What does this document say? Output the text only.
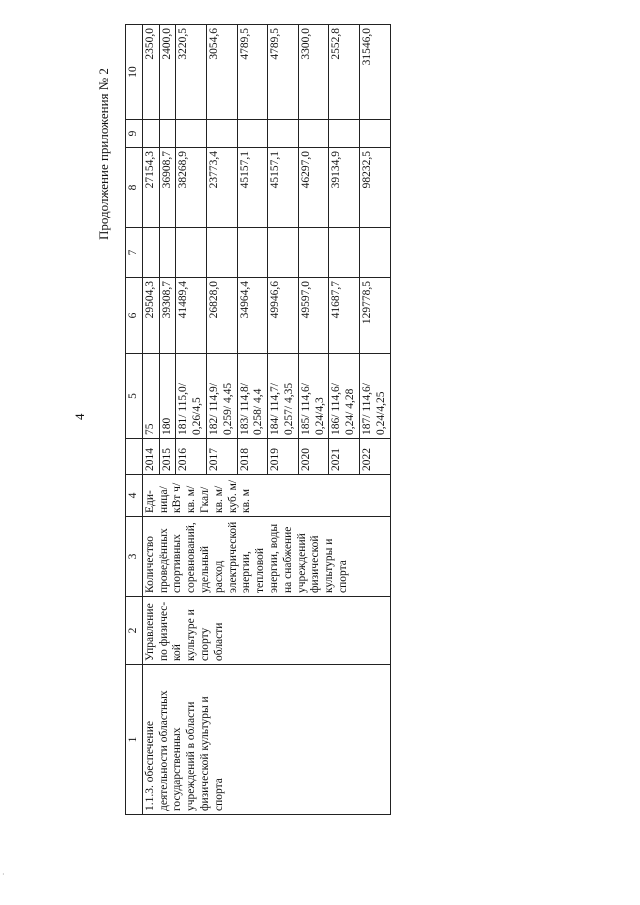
4
Продолжение приложения № 2
1	2	3	4		5	6	7	8	9	10
1.1.3. обеспечение деятельности областных государственных учреждений в области физической культуры и спорта	Управление по физичес-кой культуре и спорту области	Количество проведённых спортивных соревнований, удельный расход электрической энергии, тепловой энергии, воды на снабжение учреждений физической культуры и спорта	Еди-ница/ кВт ч/ кв. м/ Гкал/ кв. м/ куб. м/ кв. м	2014	75	29504,3		27154,3		2350,0
				2015	180	39308,7		36908,7		2400,0
				2016	181/ 115,0/ 0,26/4,5	41489,4		38268,9		3220,5
				2017	182/ 114,9/ 0,259/ 4,45	26828,0		23773,4		3054,6
				2018	183/ 114,8/ 0,258/ 4,4	34964,4		45157,1		4789,5
				2019	184/ 114,7/ 0,257/ 4,35	49946,6		45157,1		4789,5
				2020	185/ 114,6/ 0,24/4,3	49597,0		46297,0		3300,0
				2021	186/ 114,6/ 0,24/ 4,28	41687,7		39134,9		2552,8
				2022	187/ 114,6/ 0,24/4,25	129778,5		98232,5		31546,0
·
